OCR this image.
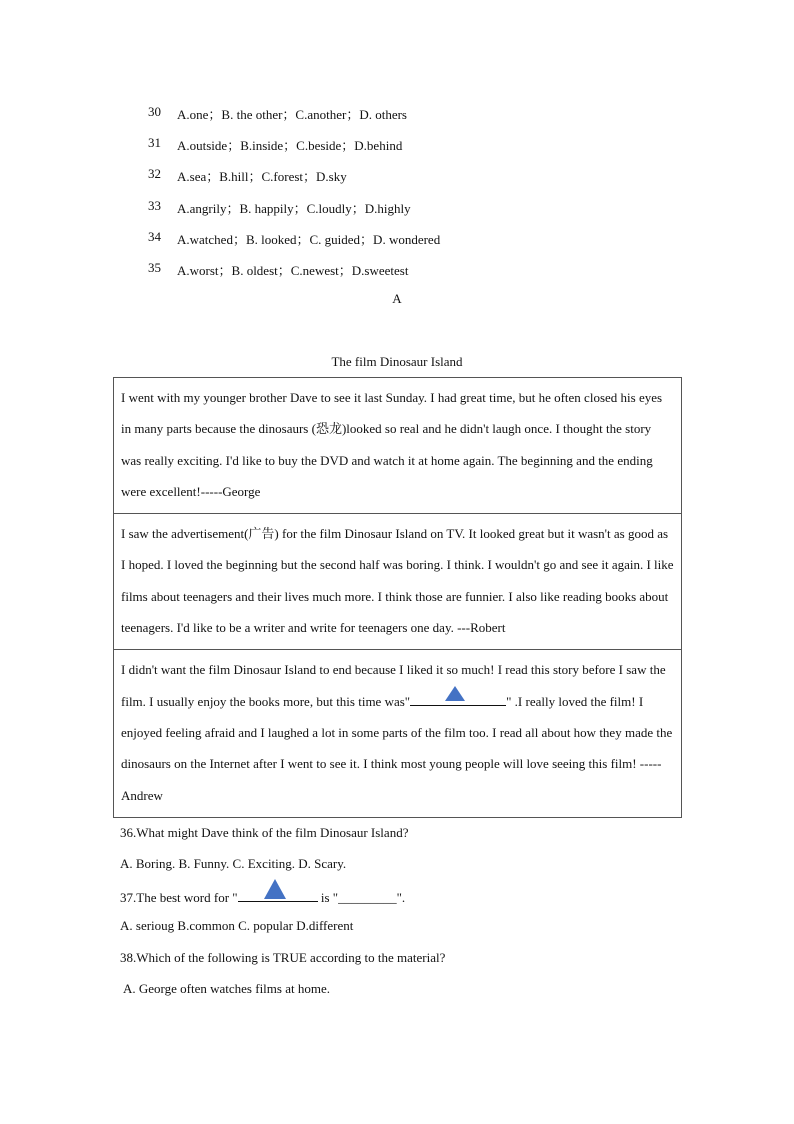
30 A.one；B. the other；C.another；D. others
31 A.outside；B.inside；C.beside；D.behind
32 A.sea；B.hill；C.forest；D.sky
33 A.angrily；B. happily；C.loudly；D.highly
34 A.watched；B. looked；C. guided；D. wondered
35 A.worst；B. oldest；C.newest；D.sweetest
A
The film Dinosaur Island
I went with my younger brother Dave to see it last Sunday. I had great time, but he often closed his eyes in many parts because the dinosaurs (恐龙)looked so real and he didn't laugh once. I thought the story was really exciting. I'd like to buy the DVD and watch it at home again. The beginning and the ending were excellent!-----George
I saw the advertisement(广告) for the film Dinosaur Island on TV. It looked great but it wasn't as good as I hoped. I loved the beginning but the second half was boring. I think. I wouldn't go and see it again. I like films about teenagers and their lives much more. I think those are funnier. I also like reading books about teenagers. I'd like to be a writer and write for teenagers one day. ---Robert
I didn't want the film Dinosaur Island to end because I liked it so much! I read this story before I saw the film. I usually enjoy the books more, but this time was"	" .I really loved the film! I enjoyed feeling afraid and I laughed a lot in some parts of the film too. I read all about how they made the dinosaurs on the Internet after I went to see it. I think most young people will love seeing this film! ----- Andrew
36.What might Dave think of the film Dinosaur Island?
A. Boring. B. Funny. C. Exciting. D. Scary.
37.The best word for "	is "_________".
A. serioug B.common C. popular D.different
38.Which of the following is TRUE according to the material?
A. George often watches films at home.
